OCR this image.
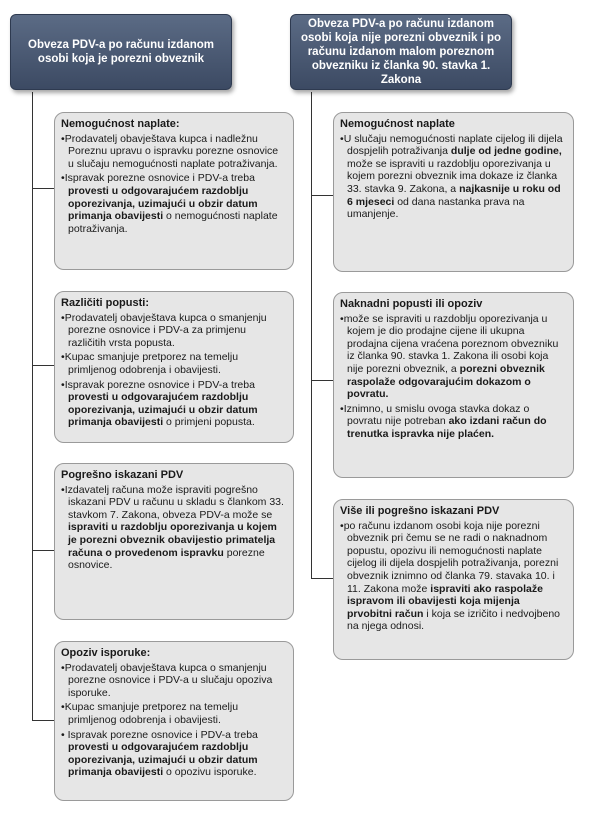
Obveza PDV-a po računu izdanom osobi koja je porezni obveznik
Obveza PDV-a po računu izdanom osobi koja nije porezni obveznik i po računu izdanom malom poreznom obvezniku iz članka 90. stavka 1. Zakona
Nemogućnost naplate:
•Prodavatelj obavještava kupca i nadležnu Poreznu upravu o ispravku porezne osnovice u slučaju nemogućnosti naplate potraživanja.
•Ispravak porezne osnovice i PDV-a treba provesti u odgovarajućem razdoblju oporezivanja, uzimajući u obzir datum primanja obavijesti o nemogućnosti naplate potraživanja.
Različiti popusti:
•Prodavatelj obavještava kupca o smanjenju porezne osnovice i PDV-a za primjenu različitih vrsta popusta.
•Kupac smanjuje pretporez na temelju primljenog odobrenja i obavijesti.
•Ispravak porezne osnovice i PDV-a treba provesti u odgovarajućem razdoblju oporezivanja, uzimajući u obzir datum primanja obavijesti o primjeni popusta.
Pogrešno iskazani PDV
•Izdavatelj računa može ispraviti pogrešno iskazani PDV u računu u skladu s člankom 33. stavkom 7. Zakona, obveza PDV-a može se ispraviti u razdoblju oporezivanja u kojem je porezni obveznik obavijestio primatelja računa o provedenom ispravku porezne osnovice.
Opoziv isporuke:
•Prodavatelj obavještava kupca o smanjenju porezne osnovice i PDV-a u slučaju opoziva isporuke.
•Kupac smanjuje pretporez na temelju primljenog odobrenja i obavijesti.
• Ispravak porezne osnovice i PDV-a treba provesti u odgovarajućem razdoblju oporezivanja, uzimajući u obzir datum primanja obavijesti o opozivu isporuke.
Nemogućnost naplate
•U slučaju nemogućnosti naplate cijelog ili dijela dospjelih potraživanja dulje od jedne godine, može se ispraviti u razdoblju oporezivanja u kojem porezni obveznik ima dokaze iz članka 33. stavka 9. Zakona, a najkasnije u roku od 6 mjeseci od dana nastanka prava na umanjenje.
Naknadni popusti ili opoziv
•može se ispraviti u razdoblju oporezivanja u kojem je dio prodajne cijene ili ukupna prodajna cijena vraćena poreznom obvezniku iz članka 90. stavka 1. Zakona ili osobi koja nije porezni obveznik, a porezni obveznik raspolaže odgovarajućim dokazom o povratu.
•Iznimno, u smislu ovoga stavka dokaz o povratu nije potreban ako izdani račun do trenutka ispravka nije plaćen.
Više ili pogrešno iskazani PDV
•po računu izdanom osobi koja nije porezni obveznik pri čemu se ne radi o naknadnom popustu, opozivu ili nemogućnosti naplate cijelog ili dijela dospjelih potraživanja, porezni obveznik iznimno od članka 79. stavaka 10. i 11. Zakona može ispraviti ako raspolaže ispravom ili obavijesti koja mijenja prvobitni račun i koja se izričito i nedvojbeno na njega odnosi.
